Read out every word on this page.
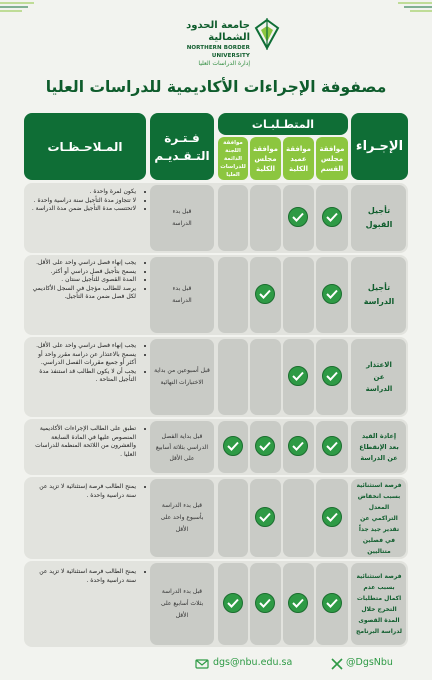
جامعة الحدود الشمالية
NORTHERN BORDER UNIVERSITY
إدارة الدراسات العليا
مصفوفة الإجراءات الأكاديمية للدراسات العليا
الإجـراء
المتطـلبـات
موافقة مجلس القسم
موافقة عميد الكلية
موافقة مجلس الكلية
موافقة اللجنة الدائمة للدراسات العليا
فـتـرة التـقـديـم
المـلاحـظـات
تأجيل القبول
قبل بدء الدراسة
• يكون لمرة واحدة .
• لا تتجاوز مدة التأجيل سنة دراسية واحدة .
• لاتحتسب مدة التأجيل ضمن مدة الدراسة .
تأجيل الدراسة
قبل بدء الدراسة
• يجب إنهاء فصل دراسي واحد على الأقل.
• يسمح بتأجيل فصل دراسي أو أكثر.
• المدة القصوى للتأجيل سنتان .
• يرصد للطالب مؤجل في السجل الأكاديمي لكل فصل ضمن مدة التأجيل.
الاعتذار عن الدراسة
قبل أسبوعين من بداية الاختبارات النهائية
• يجب إنهاء فصل دراسي واحد على الأقل.
• يسمح بالاعتذار عن دراسة مقرر واحد أو أكثر أو جميع مقررات الفصل الدراسي.
• يجب أن لا يكون الطالب قد استنفذ مدة التأجيل المتاحة .
إعادة القيد بعد الإنقطاع عن الدراسة
قبل بداية الفصل الدراسي بثلاثة أسابيع على الأقل
• تطبق على الطالب الإجراءات الأكاديمية المنصوص عليها في المادة السابعة والعشرون من اللائحة المنظمة للدراسات العليا .
فرصة استثنائية بسبب انخفاض المعدل التراكمي عن تقدير جيد جداً في فصلين متتاليين
قبل بدء الدراسة بأسبوع واحد على الأقل
• يمنح الطالب فرصة إستثنائية لا تزيد عن سنة دراسية واحدة .
فرصة استثنائية بسبب عدم اكمال متطلبات التخرج خلال المدة القصوى لدراسة البرنامج
قبل بدء الدراسة بثلاث أسابيع على الأقل
• يمنح الطالب فرصة استثنائية لا تزيد عن سنة دراسية واحدة .
dgs@nbu.edu.sa	@DgsNbu
